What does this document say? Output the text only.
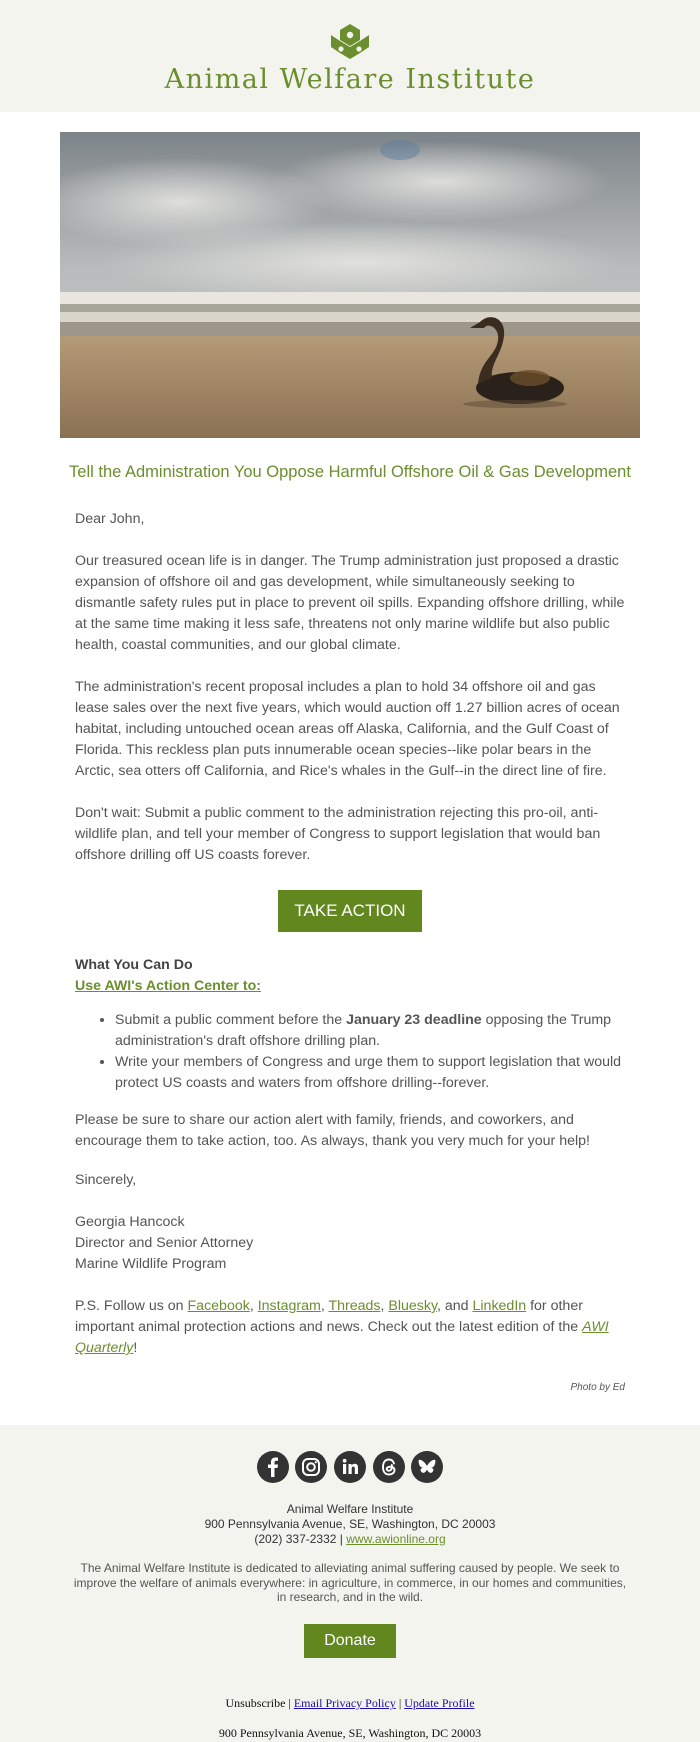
Animal Welfare Institute
Tell the Administration You Oppose Harmful Offshore Oil & Gas Development

Dear John,

Our treasured ocean life is in danger. The Trump administration just proposed a drastic expansion of offshore oil and gas development, while simultaneously seeking to dismantle safety rules put in place to prevent oil spills. Expanding offshore drilling, while at the same time making it less safe, threatens not only marine wildlife but also public health, coastal communities, and our global climate.

The administration's recent proposal includes a plan to hold 34 offshore oil and gas lease sales over the next five years, which would auction off 1.27 billion acres of ocean habitat, including untouched ocean areas off Alaska, California, and the Gulf Coast of Florida. This reckless plan puts innumerable ocean species--like polar bears in the Arctic, sea otters off California, and Rice's whales in the Gulf--in the direct line of fire.

Don't wait: Submit a public comment to the administration rejecting this pro-oil, anti-wildlife plan, and tell your member of Congress to support legislation that would ban offshore drilling off US coasts forever.

TAKE ACTION
What You Can Do
Use AWI's Action Center to:
• Submit a public comment before the January 23 deadline opposing the Trump administration's draft offshore drilling plan.
• Write your members of Congress and urge them to support legislation that would protect US coasts and waters from offshore drilling--forever.

Please be sure to share our action alert with family, friends, and coworkers, and encourage them to take action, too. As always, thank you very much for your help!

Sincerely,

Georgia Hancock
Director and Senior Attorney
Marine Wildlife Program

P.S. Follow us on Facebook, Instagram, Threads, Bluesky, and LinkedIn for other important animal protection actions and news. Check out the latest edition of the AWI Quarterly!

Photo by Ed
Animal Welfare Institute
900 Pennsylvania Avenue, SE, Washington, DC 20003
(202) 337-2332 | www.awionline.org
The Animal Welfare Institute is dedicated to alleviating animal suffering caused by people. We seek to improve the welfare of animals everywhere: in agriculture, in commerce, in our homes and communities, in research, and in the wild.
Donate
Unsubscribe | Email Privacy Policy | Update Profile
900 Pennsylvania Avenue, SE, Washington, DC 20003
